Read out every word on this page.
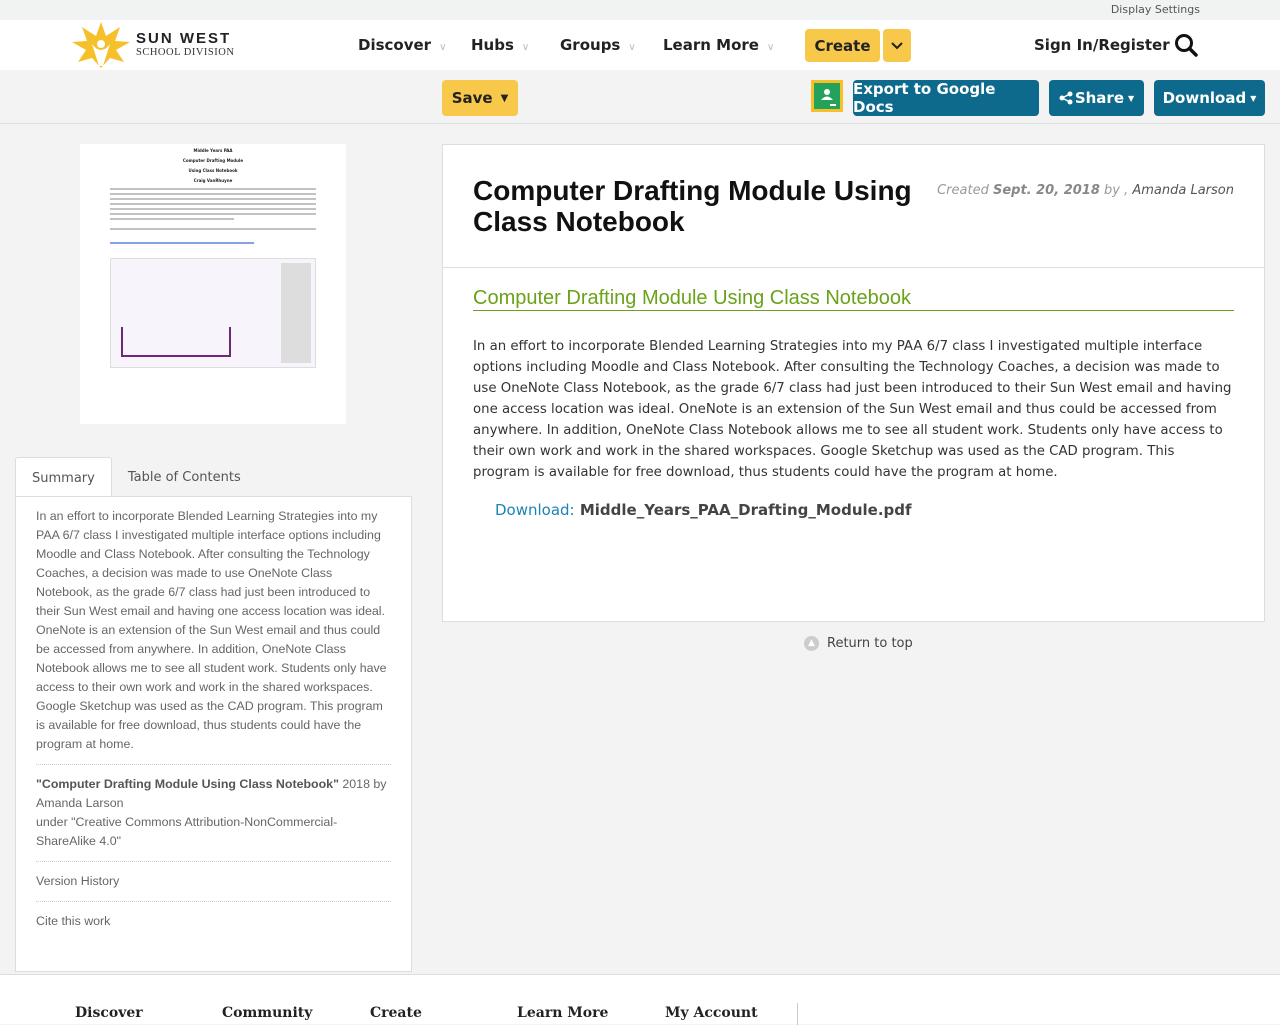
Display Settings
SUN WEST
SCHOOL DIVISION	Discover ∨ Hubs ∨ Groups ∨ Learn More ∨	Create	Sign In/Register
Save ▼	Export to Google Docs	Share ▼ Download ▼
Middle Years PAA
Computer Drafting Module
Using Class Notebook
Craig VanRhuyne
Summary	Table of Contents

In an effort to incorporate Blended Learning Strategies into my PAA 6/7 class I investigated multiple interface options including Moodle and Class Notebook. After consulting the Technology Coaches, a decision was made to use OneNote Class Notebook, as the grade 6/7 class had just been introduced to their Sun West email and having one access location was ideal. OneNote is an extension of the Sun West email and thus could be accessed from anywhere. In addition, OneNote Class Notebook allows me to see all student work. Students only have access to their own work and work in the shared workspaces. Google Sketchup was used as the CAD program. This program is available for free download, thus students could have the program at home.

"Computer Drafting Module Using Class Notebook" 2018 by Amanda Larson

under "Creative Commons Attribution-NonCommercial-ShareAlike 4.0"

Version History

Cite this work

Computer Drafting Module Using Class Notebook
Created Sept. 20, 2018 by , Amanda Larson
Computer Drafting Module Using Class Notebook

In an effort to incorporate Blended Learning Strategies into my PAA 6/7 class I investigated multiple interface options including Moodle and Class Notebook. After consulting the Technology Coaches, a decision was made to use OneNote Class Notebook, as the grade 6/7 class had just been introduced to their Sun West email and having one access location was ideal. OneNote is an extension of the Sun West email and thus could be accessed from anywhere. In addition, OneNote Class Notebook allows me to see all student work. Students only have access to their own work and work in the shared workspaces. Google Sketchup was used as the CAD program. This program is available for free download, thus students could have the program at home.

Download: Middle_Years_PAA_Drafting_Module.pdf
▲ Return to top
Discover	Community	Create	Learn More	My Account
